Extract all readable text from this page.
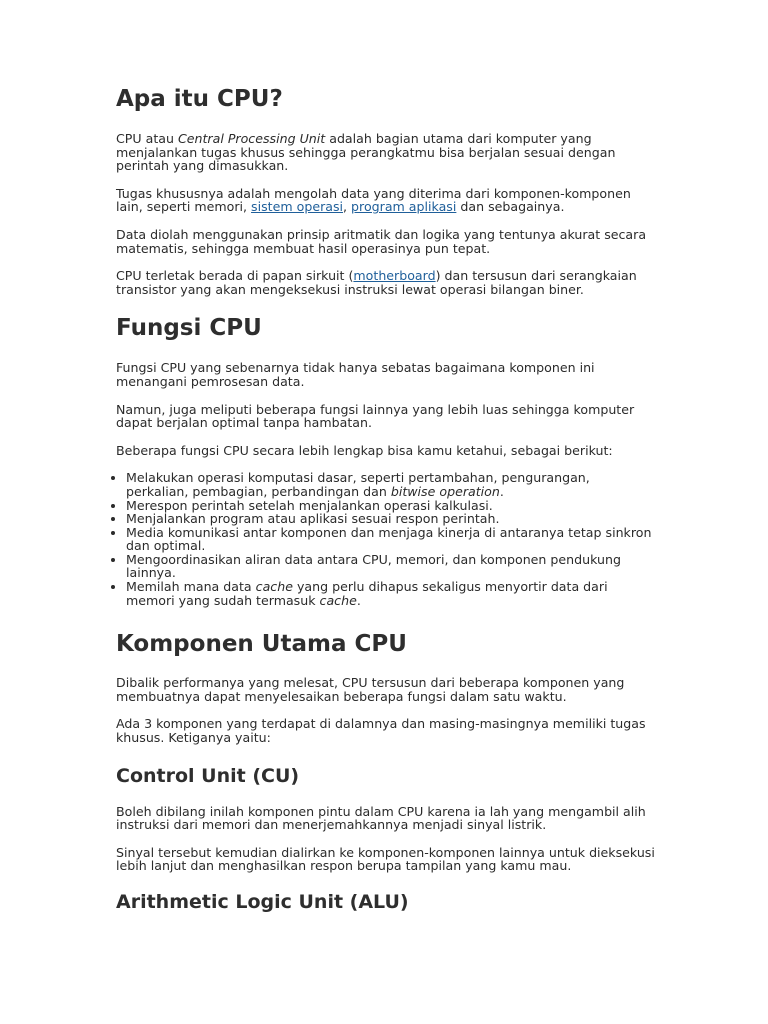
Apa itu CPU?

CPU atau Central Processing Unit adalah bagian utama dari komputer yang menjalankan tugas khusus sehingga perangkatmu bisa berjalan sesuai dengan perintah yang dimasukkan.

Tugas khususnya adalah mengolah data yang diterima dari komponen-komponen lain, seperti memori, sistem operasi, program aplikasi dan sebagainya.

Data diolah menggunakan prinsip aritmatik dan logika yang tentunya akurat secara matematis, sehingga membuat hasil operasinya pun tepat.

CPU terletak berada di papan sirkuit (motherboard) dan tersusun dari serangkaian transistor yang akan mengeksekusi instruksi lewat operasi bilangan biner.

Fungsi CPU

Fungsi CPU yang sebenarnya tidak hanya sebatas bagaimana komponen ini menangani pemrosesan data.

Namun, juga meliputi beberapa fungsi lainnya yang lebih luas sehingga komputer dapat berjalan optimal tanpa hambatan.

Beberapa fungsi CPU secara lebih lengkap bisa kamu ketahui, sebagai berikut:

• Melakukan operasi komputasi dasar, seperti pertambahan, pengurangan, perkalian, pembagian, perbandingan dan bitwise operation.
• Merespon perintah setelah menjalankan operasi kalkulasi.
• Menjalankan program atau aplikasi sesuai respon perintah.
• Media komunikasi antar komponen dan menjaga kinerja di antaranya tetap sinkron dan optimal.
• Mengoordinasikan aliran data antara CPU, memori, dan komponen pendukung lainnya.
• Memilah mana data cache yang perlu dihapus sekaligus menyortir data dari memori yang sudah termasuk cache.
Komponen Utama CPU

Dibalik performanya yang melesat, CPU tersusun dari beberapa komponen yang membuatnya dapat menyelesaikan beberapa fungsi dalam satu waktu.

Ada 3 komponen yang terdapat di dalamnya dan masing-masingnya memiliki tugas khusus. Ketiganya yaitu:

Control Unit (CU)

Boleh dibilang inilah komponen pintu dalam CPU karena ia lah yang mengambil alih instruksi dari memori dan menerjemahkannya menjadi sinyal listrik.

Sinyal tersebut kemudian dialirkan ke komponen-komponen lainnya untuk dieksekusi lebih lanjut dan menghasilkan respon berupa tampilan yang kamu mau.

Arithmetic Logic Unit (ALU)
